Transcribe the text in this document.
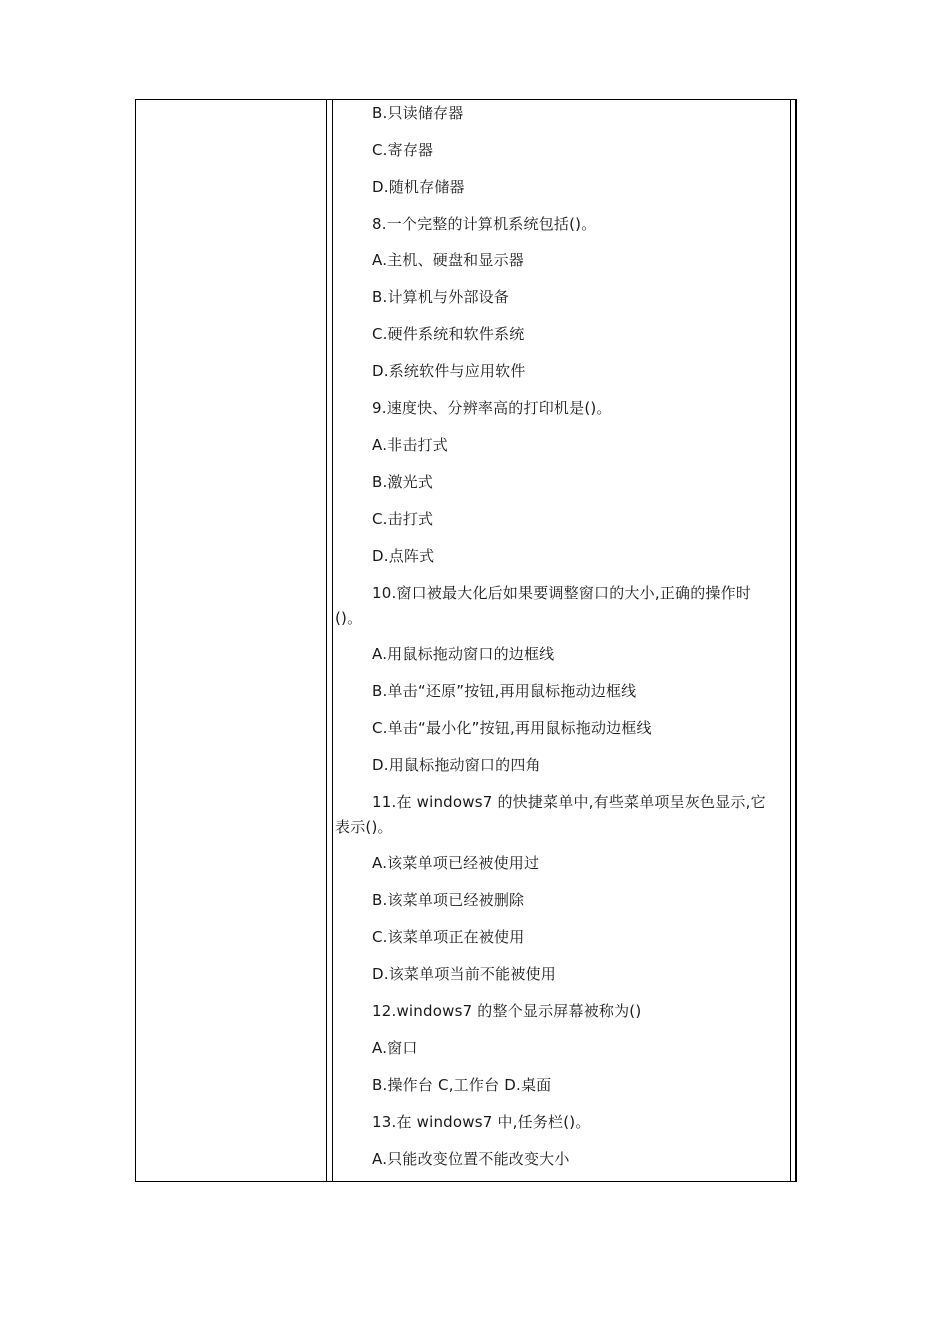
B.只读储存器
C.寄存器
D.随机存储器
8.一个完整的计算机系统包括()。
A.主机、硬盘和显示器
B.计算机与外部设备
C.硬件系统和软件系统
D.系统软件与应用软件
9.速度快、分辨率高的打印机是()。
A.非击打式
B.激光式
C.击打式
D.点阵式
10.窗口被最大化后如果要调整窗口的大小,正确的操作时
()。
A.用鼠标拖动窗口的边框线
B.单击“还原”按钮,再用鼠标拖动边框线
C.单击“最小化”按钮,再用鼠标拖动边框线
D.用鼠标拖动窗口的四角
11.在 windows7 的快捷菜单中,有些菜单项呈灰色显示,它
表示()。
A.该菜单项已经被使用过
B.该菜单项已经被删除
C.该菜单项正在被使用
D.该菜单项当前不能被使用
12.windows7 的整个显示屏幕被称为()
A.窗口
B.操作台 C,工作台 D.桌面
13.在 windows7 中,任务栏()。
A.只能改变位置不能改变大小
